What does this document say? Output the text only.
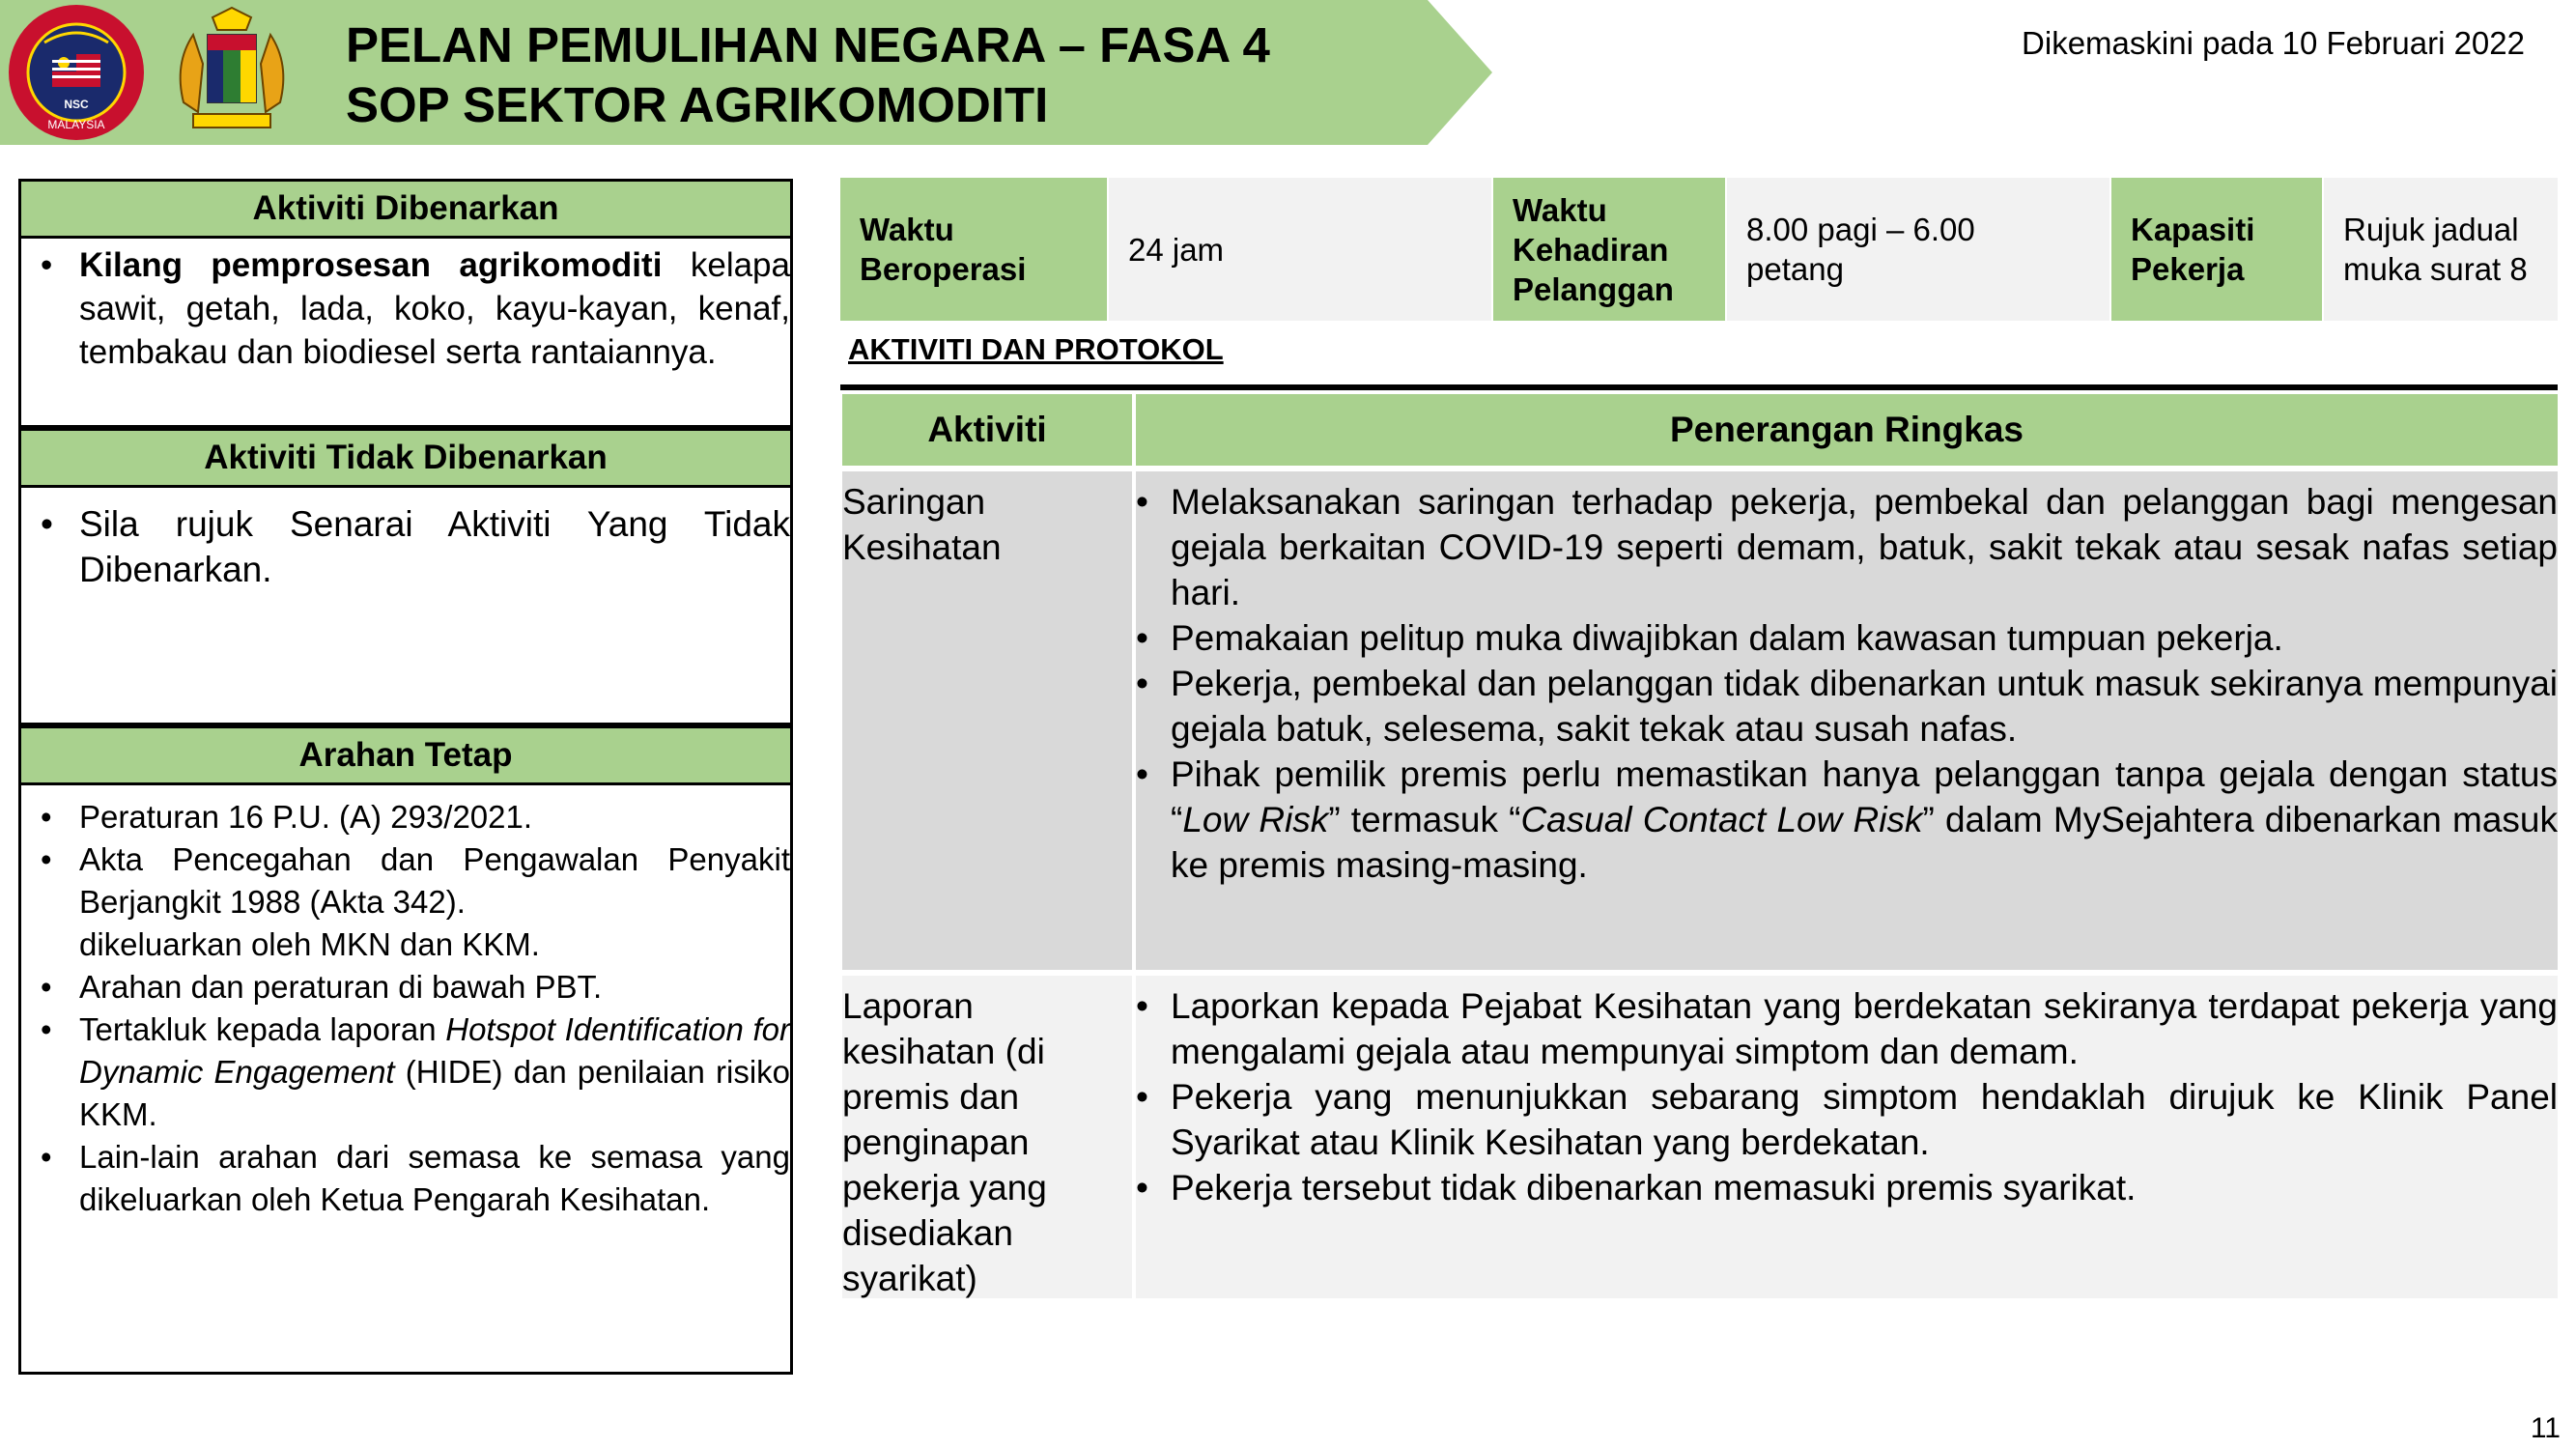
NSC
MALAYSIA
PELAN PEMULIHAN NEGARA – FASA 4
SOP SEKTOR AGRIKOMODITI
Dikemaskini pada 10 Februari 2022
Aktiviti Dibenarkan
• Kilang pemprosesan agrikomoditi kelapa sawit, getah, lada, koko, kayu-kayan, kenaf, tembakau dan biodiesel serta rantaiannya.
Aktiviti Tidak Dibenarkan
• Sila rujuk Senarai Aktiviti Yang Tidak Dibenarkan.
Arahan Tetap
• Peraturan 16 P.U. (A) 293/2021.
• Akta Pencegahan dan Pengawalan Penyakit Berjangkit 1988 (Akta 342).
dikeluarkan oleh MKN dan KKM.
• Arahan dan peraturan di bawah PBT.
• Tertakluk kepada laporan Hotspot Identification for Dynamic Engagement (HIDE) dan penilaian risiko KKM.
• Lain-lain arahan dari semasa ke semasa yang dikeluarkan oleh Ketua Pengarah Kesihatan.
Waktu Beroperasi
24 jam
Waktu Kehadiran Pelanggan
8.00 pagi – 6.00 petang
Kapasiti Pekerja
Rujuk jadual muka surat 8
AKTIVITI DAN PROTOKOL
Aktiviti	Penerangan Ringkas
Saringan Kesihatan
• Melaksanakan saringan terhadap pekerja, pembekal dan pelanggan bagi mengesan gejala berkaitan COVID-19 seperti demam, batuk, sakit tekak atau sesak nafas setiap hari.
• Pemakaian pelitup muka diwajibkan dalam kawasan tumpuan pekerja.
• Pekerja, pembekal dan pelanggan tidak dibenarkan untuk masuk sekiranya mempunyai gejala batuk, selesema, sakit tekak atau susah nafas.
• Pihak pemilik premis perlu memastikan hanya pelanggan tanpa gejala dengan status “Low Risk” termasuk “Casual Contact Low Risk” dalam MySejahtera dibenarkan masuk ke premis masing-masing.
Laporan kesihatan (di premis dan penginapan pekerja yang disediakan syarikat)
• Laporkan kepada Pejabat Kesihatan yang berdekatan sekiranya terdapat pekerja yang mengalami gejala atau mempunyai simptom dan demam.
• Pekerja yang menunjukkan sebarang simptom hendaklah dirujuk ke Klinik Panel Syarikat atau Klinik Kesihatan yang berdekatan.
• Pekerja tersebut tidak dibenarkan memasuki premis syarikat.
11
